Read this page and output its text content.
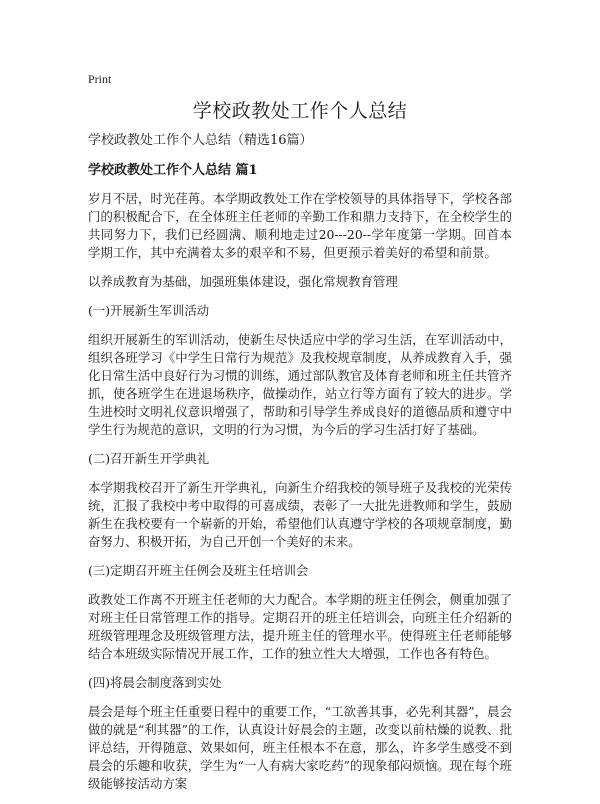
Print
学校政教处工作个人总结

学校政教处工作个人总结（精选16篇）

学校政教处工作个人总结 篇1

岁月不居，时光荏苒。本学期政教处工作在学校领导的具体指导下，学校各部门的积极配合下，在全体班主任老师的辛勤工作和鼎力支持下，在全校学生的共同努力下，我们已经圆满、顺利地走过20---20--学年度第一学期。回首本学期工作，其中充满着太多的艰辛和不易，但更预示着美好的希望和前景。

以养成教育为基础，加强班集体建设，强化常规教育管理

(一)开展新生军训活动

组织开展新生的军训活动，使新生尽快适应中学的学习生活，在军训活动中，组织各班学习《中学生日常行为规范》及我校规章制度，从养成教育入手，强化日常生活中良好行为习惯的训练，通过部队教官及体育老师和班主任共管齐抓，使各班学生在进退场秩序，做操动作，站立行等方面有了较大的进步。学生进校时文明礼仪意识增强了，帮助和引导学生养成良好的道德品质和遵守中学生行为规范的意识，文明的行为习惯，为今后的学习生活打好了基础。

(二)召开新生开学典礼

本学期我校召开了新生开学典礼，向新生介绍我校的领导班子及我校的光荣传统，汇报了我校中考中取得的可喜成绩，表彰了一大批先进教师和学生，鼓励新生在我校要有一个崭新的开始，希望他们认真遵守学校的各项规章制度，勤奋努力、积极开拓，为自己开创一个美好的未来。

(三)定期召开班主任例会及班主任培训会

政教处工作离不开班主任老师的大力配合。本学期的班主任例会，侧重加强了对班主任日常管理工作的指导。定期召开的班主任培训会，向班主任介绍新的班级管理理念及班级管理方法，提升班主任的管理水平。使得班主任老师能够结合本班级实际情况开展工作，工作的独立性大大增强，工作也各有特色。

(四)将晨会制度落到实处

晨会是每个班主任重要日程中的重要工作，“工欲善其事，必先利其器”，晨会做的就是“利其器”的工作，认真设计好晨会的主题，改变以前枯燥的说教、批评总结，开得随意、效果如何，班主任根本不在意，那么，许多学生感受不到晨会的乐趣和收获，学生为“一人有病大家吃药”的现象郁闷烦恼。现在每个班级能够按活动方案
